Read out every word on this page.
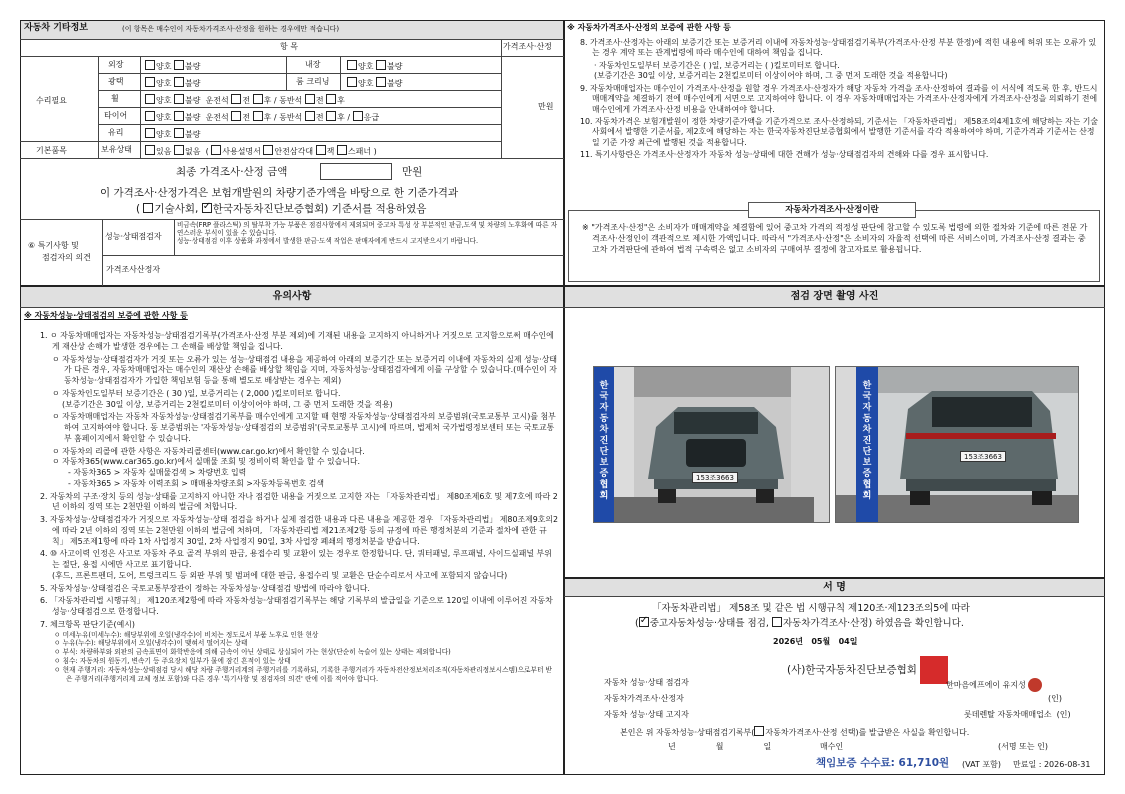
자동차 기타정보	(이 항목은 매수인이 자동차가격조사·산정을 원하는 경우에만 적습니다)
항 목	가격조사·산정
수리필요
기본품목
만원
외장	양호 불량	내장	양호 불량
광택	양호 불량	룸 크리닝	양호 불량
휠	양호 불량 운전석 전 후 / 동반석 전 후
타이어	양호 불량 운전석 전 후 / 동반석 전 후 / 응급
유리	양호 불량
보유상태	있음 없음  ( 사용설명서 안전삼각대 잭 스패너 )
최종 가격조사·산정 금액	만원
이 가격조사·산정가격은 보험개발원의 차량기준가액을 바탕으로 한 기준가격과
( 기술사회, ✓ 한국자동차진단보증협회) 기준서를 적용하였음
⑥ 특기사항 및
점검자의 의견
성능·상태점검자
비금속(FRP 플라스틱) 의 탈부착 가능 부품은 점검사항에서 제외되며 중고차 특성 상 부분적인 판금,도색 및 차량의 노후화에 따른 자연스러운 부식이 있을 수 있습니다.
성능·상태점검 이후 상품화 과정에서 발생한 판금·도색 작업은 판매자에게 반드시 고지받으시기 바랍니다.
가격조사산정자
※ 자동차가격조사·산정의 보증에 관한 사항 등

8. 가격조사·산정자는 아래의 보증기간 또는 보증거리 이내에 자동차성능·상태점검기록부(가격조사·산정 부분 한정)에 적힌 내용에 허위 또는 오류가 있는 경우 계약 또는 관계법령에 따라 매수인에 대하여 책임을 집니다.

· 자동차인도일부터 보증기간은 ( )일, 보증거리는 ( )킬로미터로 합니다.

(보증기간은 30일 이상, 보증거리는 2천킬로미터 이상이어야 하며, 그 중 먼저 도래한 것을 적용합니다)

9. 자동차매매업자는 매수인이 가격조사·산정을 원할 경우 가격조사·산정자가 해당 자동차 가격을 조사·산정하여 결과를 이 서식에 적도록 한 후, 반드시 매매계약을 체결하기 전에 매수인에게 서면으로 고지하여야 합니다. 이 경우 자동차매매업자는 가격조사·산정자에게 가격조사·산정을 의뢰하기 전에 매수인에게 가격조사·산정 비용을 안내하여야 합니다.

10. 자동차가격은 보험개발원이 정한 차량기준가액을 기준가격으로 조사·산정하되, 기준서는 「자동차관리법」 제58조의4제1호에 해당하는 자는 기술사회에서 발행한 기준서를, 제2호에 해당하는 자는 한국자동차진단보증협회에서 발행한 기준서를 각각 적용하여야 하며, 기준가격과 기준서는 산정일 기준 가장 최근에 발행된 것을 적용합니다.

11. 특기사항란은 가격조사·산정자가 자동차 성능·상태에 대한 견해가 성능·상태점검자의 견해와 다를 경우 표시합니다.

자동차가격조사·산정이란
※ "가격조사·산정"은 소비자가 매매계약을 체결함에 있어 중고차 가격의 적정성 판단에 참고할 수 있도록 법령에 의한 절차와 기준에 따른 전문 가격조사·산정인이 객관적으로 제시한 가액입니다. 따라서 "가격조사·산정"은 소비자의 자율적 선택에 따른 서비스이며, 가격조사·산정 결과는 중고차 가격판단에 관하여 법적 구속력은 없고 소비자의 구매여부 결정에 참고자료로 활용됩니다.
유의사항
※ 자동차성능·상태점검의 보증에 관한 사항 등

1. ㅇ 자동차매매업자는 자동차성능·상태점검기록부(가격조사·산정 부분 제외)에 기재된 내용을 고지하지 아니하거나 거짓으로 고지함으로써 매수인에게 재산상 손해가 발생한 경우에는 그 손해를 배상할 책임을 집니다.

ㅇ 자동차성능·상태점검자가 거짓 또는 오류가 있는 성능·상태점검 내용을 제공하여 아래의 보증기간 또는 보증거리 이내에 자동차의 실제 성능·상태가 다른 경우, 자동차매매업자는 매수인의 재산상 손해를 배상할 책임을 지며, 자동차성능·상태점검자에게 이를 구상할 수 있습니다.(매수인이 자동차성능·상태점검자가 가입한 책임보험 등을 통해 별도로 배상받는 경우는 제외)

ㅇ 자동차인도일부터 보증기간은 ( 30 )일, 보증거리는 ( 2,000 )킬로미터로 합니다.

(보증기간은 30일 이상, 보증거리는 2천킬로미터 이상이어야 하며, 그 중 먼저 도래한 것을 적용)

ㅇ 자동차매매업자는 자동차 자동차성능·상태점검기록부를 매수인에게 고지할 때 현행 자동차성능·상태점검자의 보증범위(국토교통부 고시)를 첨부하여 고지하여야 합니다. 동 보증범위는 '자동차성능·상태점검의 보증범위'(국토교통부 고시)에 따르며, 법제처 국가법령정보센터 또는 국토교통부 홈페이지에서 확인할 수 있습니다.

ㅇ 자동차의 리콜에 관한 사항은 자동차리콜센터(www.car.go.kr)에서 확인할 수 있습니다.

ㅇ 자동차365(www.car365.go.kr)에서 실매물 조회 및 정비이력 확인을 할 수 있습니다.

- 자동차365 > 자동차 실매물검색 > 차량번호 입력

- 자동차365 > 자동차 이력조회 > 매매용차량조회 >자동차등록번호 검색

2. 자동차의 구조·장치 등의 성능·상태를 고지하지 아니한 자나 점검한 내용을 거짓으로 고지한 자는 「자동차관리법」 제80조제6호 및 제7호에 따라 2년 이하의 징역 또는 2천만원 이하의 벌금에 처합니다.

3. 자동차성능·상태점검자가 거짓으로 자동차성능·상태 점검을 하거나 실제 점검한 내용과 다른 내용을 제공한 경우 「자동차관리법」 제80조제9호의2에 따라 2년 이하의 징역 또는 2천만원 이하의 벌금에 처하며, 「자동차관리법 제21조제2항 등의 규정에 따른 행정처분의 기준과 절차에 관한 규칙」 제5조제1항에 따라 1차 사업정지 30일, 2차 사업정지 90일, 3차 사업장 폐쇄의 행정처분을 받습니다.

4. ⑩ 사고이력 인정은 사고로 자동차 주요 골격 부위의 판금, 용접수리 및 교환이 있는 경우로 한정합니다. 단, 쿼터패널, 루프패널, 사이드실패널 부위는 절단, 용접 시에만 사고로 표기합니다.

(후드, 프론트펜더, 도어, 트렁크리드 등 외판 부위 및 범퍼에 대한 판금, 용접수리 및 교환은 단순수리로서 사고에 포함되지 않습니다)

5. 자동차성능·상태점검은 국토교통부장관이 정하는 자동차성능·상태점검 방법에 따라야 합니다.

6. 「자동차관리법 시행규칙」 제120조제2항에 따라 자동차성능·상태점검기록부는 해당 기록부의 발급일을 기준으로 120일 이내에 이루어진 자동차 성능·상태점검으로 한정합니다.

7. 체크항목 판단기준(예시)

ㅇ 미세누유(미세누수): 해당부위에 오일(냉각수)이 비치는 정도로서 부품 노후로 인한 현상

ㅇ 누유(누수): 해당부위에서 오일(냉각수)이 맺혀서 떨어지는 상태

ㅇ 부식: 차량하부와 외판의 금속표면이 화학반응에 의해 금속이 아닌 상태로 상실되어 가는 현상(단순히 녹슬어 있는 상태는 제외합니다)

ㅇ 침수: 자동차의 원동기, 변속기 등 주요장치 일부가 물에 잠긴 흔적이 있는 상태

ㅇ 현재 주행거리: 자동차성능·상태점검 당시 해당 차량 주행거리계의 주행거리를 기록하되, 기록한 주행거리가 자동차전산정보처리조직(자동차관리정보시스템)으로부터 받은 주행거리(주행거리계 교체 정보 포함)와 다른 경우 '특기사항 및 점검자의 의견' 란에 이를 적어야 합니다.

점검 장면 촬영 사진
한국자동차진단보증협회
153조3663
한국자동차진단보증협회
153조3663
서 명
「자동차관리법」 제58조 및 같은 법 시행규칙 제120조·제123조의5에 따라
( ✓ 중고자동차성능·상태를 점검, 자동차가격조사·산정) 하였음을 확인합니다.
2026년 05월 04일
(사)한국자동차진단보증협회
자동차 성능·상태 점검자	한마음에프에이 유지성
자동차가격조사·산정자	(인)
자동차 성능·상태 고지자	롯데렌탈 자동차매매업소 (인)
본인은 위 자동차성능·상태점검기록부( 자동차가격조사·산정 선택)를 발급받은 사실을 확인합니다.
년	월	일	매수인	(서명 또는 인)
책임보증 수수료: 61,710원 (VAT 포함) 만료일 : 2026-08-31
